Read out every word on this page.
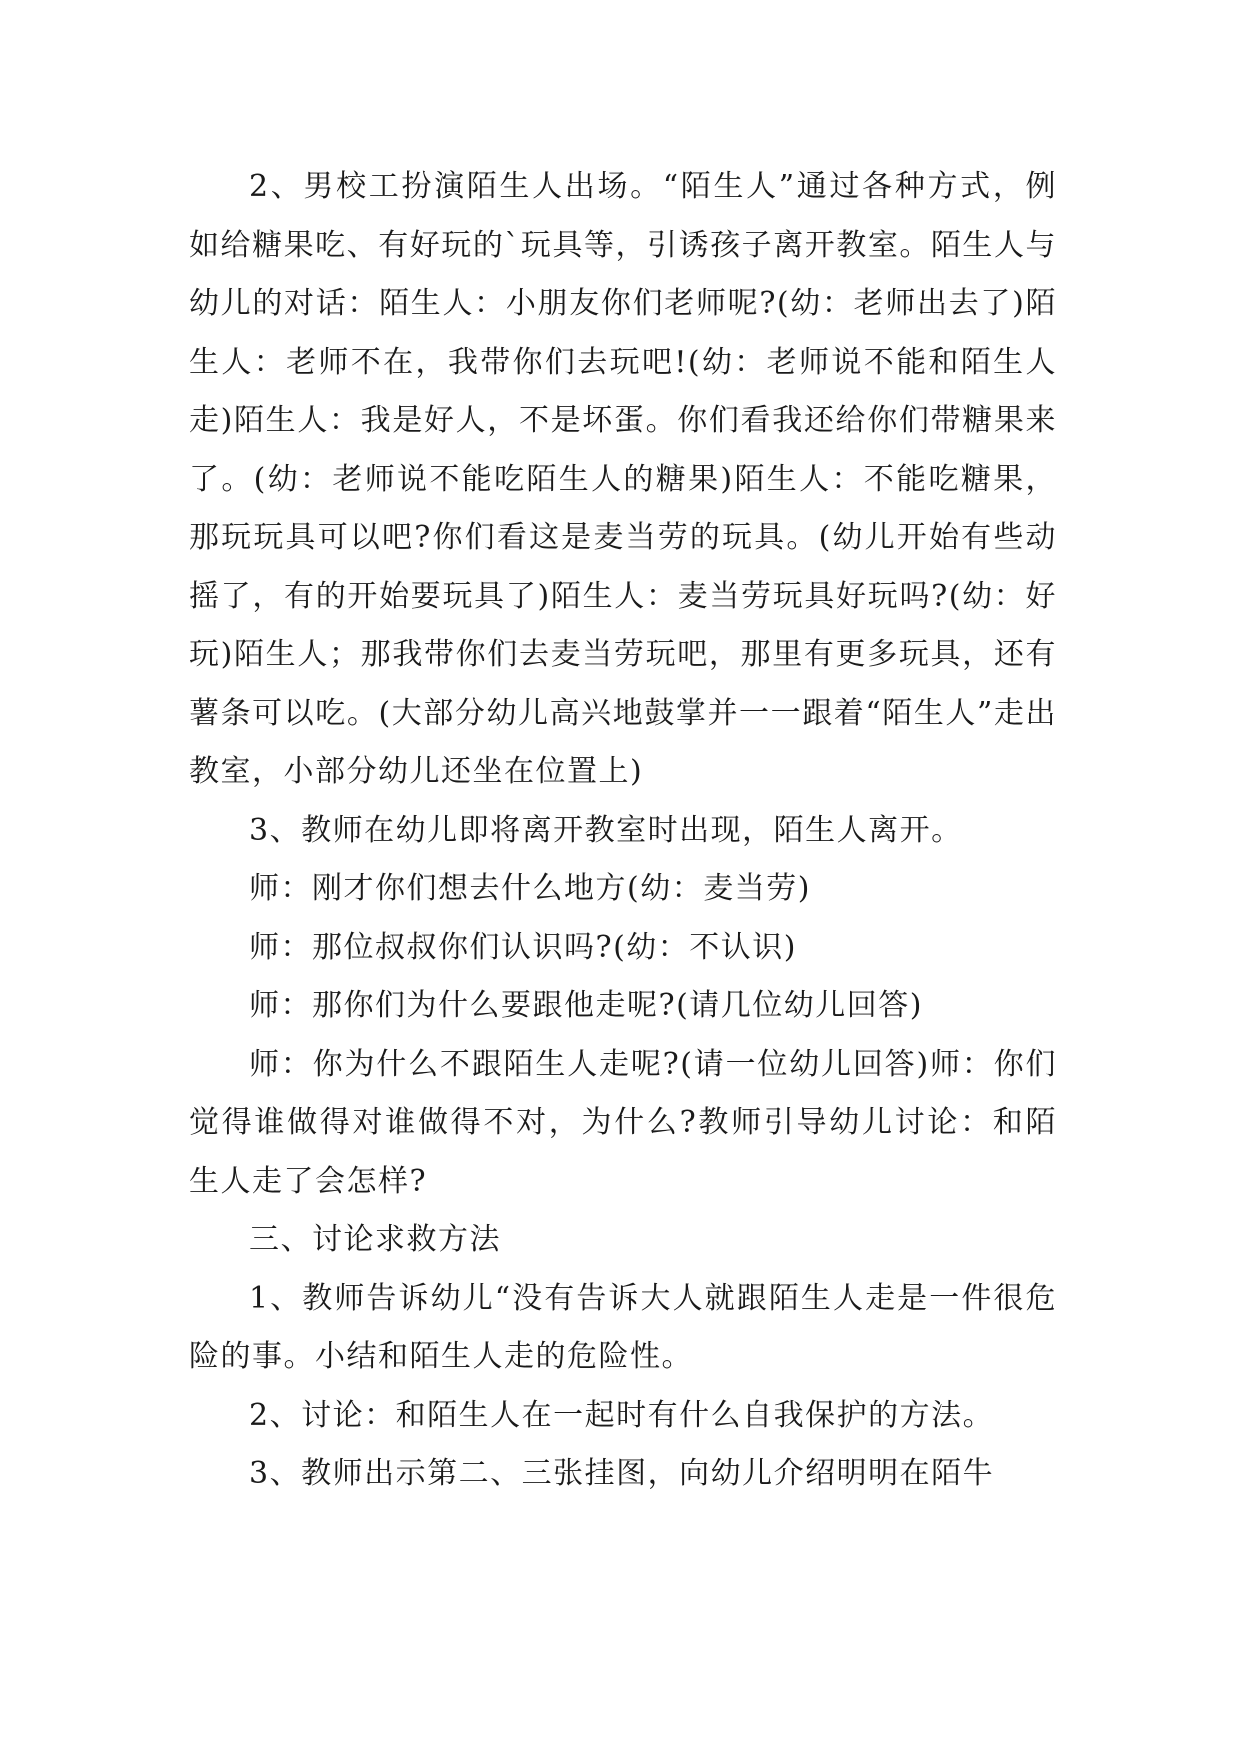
2、男校工扮演陌生人出场。“陌生人”通过各种方式，例如给糖果吃、有好玩的`玩具等，引诱孩子离开教室。陌生人与幼儿的对话：陌生人：小朋友你们老师呢?(幼：老师出去了)陌生人：老师不在，我带你们去玩吧!(幼：老师说不能和陌生人走)陌生人：我是好人，不是坏蛋。你们看我还给你们带糖果来了。(幼：老师说不能吃陌生人的糖果)陌生人：不能吃糖果，那玩玩具可以吧?你们看这是麦当劳的玩具。(幼儿开始有些动摇了，有的开始要玩具了)陌生人：麦当劳玩具好玩吗?(幼：好玩)陌生人；那我带你们去麦当劳玩吧，那里有更多玩具，还有薯条可以吃。(大部分幼儿高兴地鼓掌并一一跟着“陌生人”走出教室，小部分幼儿还坐在位置上)

3、教师在幼儿即将离开教室时出现，陌生人离开。

师：刚才你们想去什么地方(幼：麦当劳)

师：那位叔叔你们认识吗?(幼：不认识)

师：那你们为什么要跟他走呢?(请几位幼儿回答)

师：你为什么不跟陌生人走呢?(请一位幼儿回答)师：你们觉得谁做得对谁做得不对，为什么?教师引导幼儿讨论：和陌生人走了会怎样?

三、讨论求救方法

1、教师告诉幼儿“没有告诉大人就跟陌生人走是一件很危险的事。小结和陌生人走的危险性。

2、讨论：和陌生人在一起时有什么自我保护的方法。

3、教师出示第二、三张挂图，向幼儿介绍明明在陌牛
